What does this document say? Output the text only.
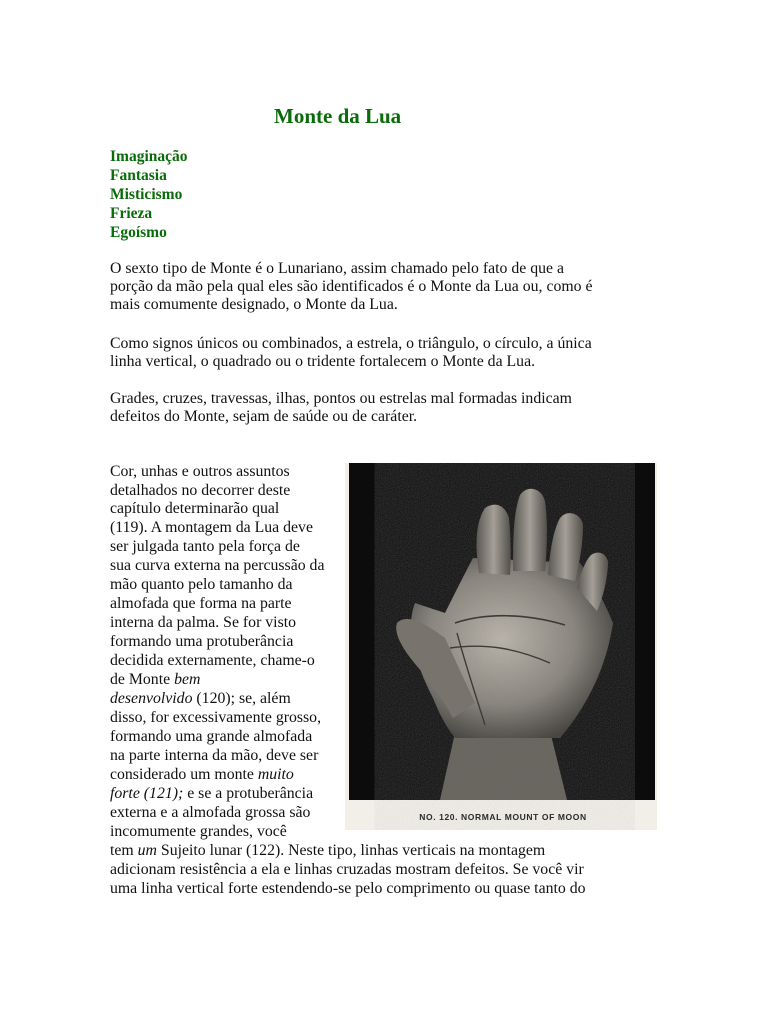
Monte da Lua
Imaginação
Fantasia
Misticismo
Frieza
Egoísmo
O sexto tipo de Monte é o Lunariano, assim chamado pelo fato de que a
porção da mão pela qual eles são identificados é o Monte da Lua ou, como é
mais comumente designado, o Monte da Lua.
Como signos únicos ou combinados, a estrela, o triângulo, o círculo, a única
linha vertical, o quadrado ou o tridente fortalecem o Monte da Lua.
Grades, cruzes, travessas, ilhas, pontos ou estrelas mal formadas indicam
defeitos do Monte, sejam de saúde ou de caráter.
Cor, unhas e outros assuntos
detalhados no decorrer deste
capítulo determinarão qual
(119). A montagem da Lua deve
ser julgada tanto pela força de
sua curva externa na percussão da
mão quanto pelo tamanho da
almofada que forma na parte
interna da palma. Se for visto
formando uma protuberância
decidida externamente, chame-o
de Monte bem
desenvolvido (120); se, além
disso, for excessivamente grosso,
formando uma grande almofada
na parte interna da mão, deve ser
considerado um monte muito
forte (121); e se a protuberância
externa e a almofada grossa são
incomumente grandes, você
tem um Sujeito lunar (122). Neste tipo, linhas verticais na montagem
adicionam resistência a ela e linhas cruzadas mostram defeitos. Se você vir
uma linha vertical forte estendendo-se pelo comprimento ou quase tanto do
NO. 120. NORMAL MOUNT OF MOON
